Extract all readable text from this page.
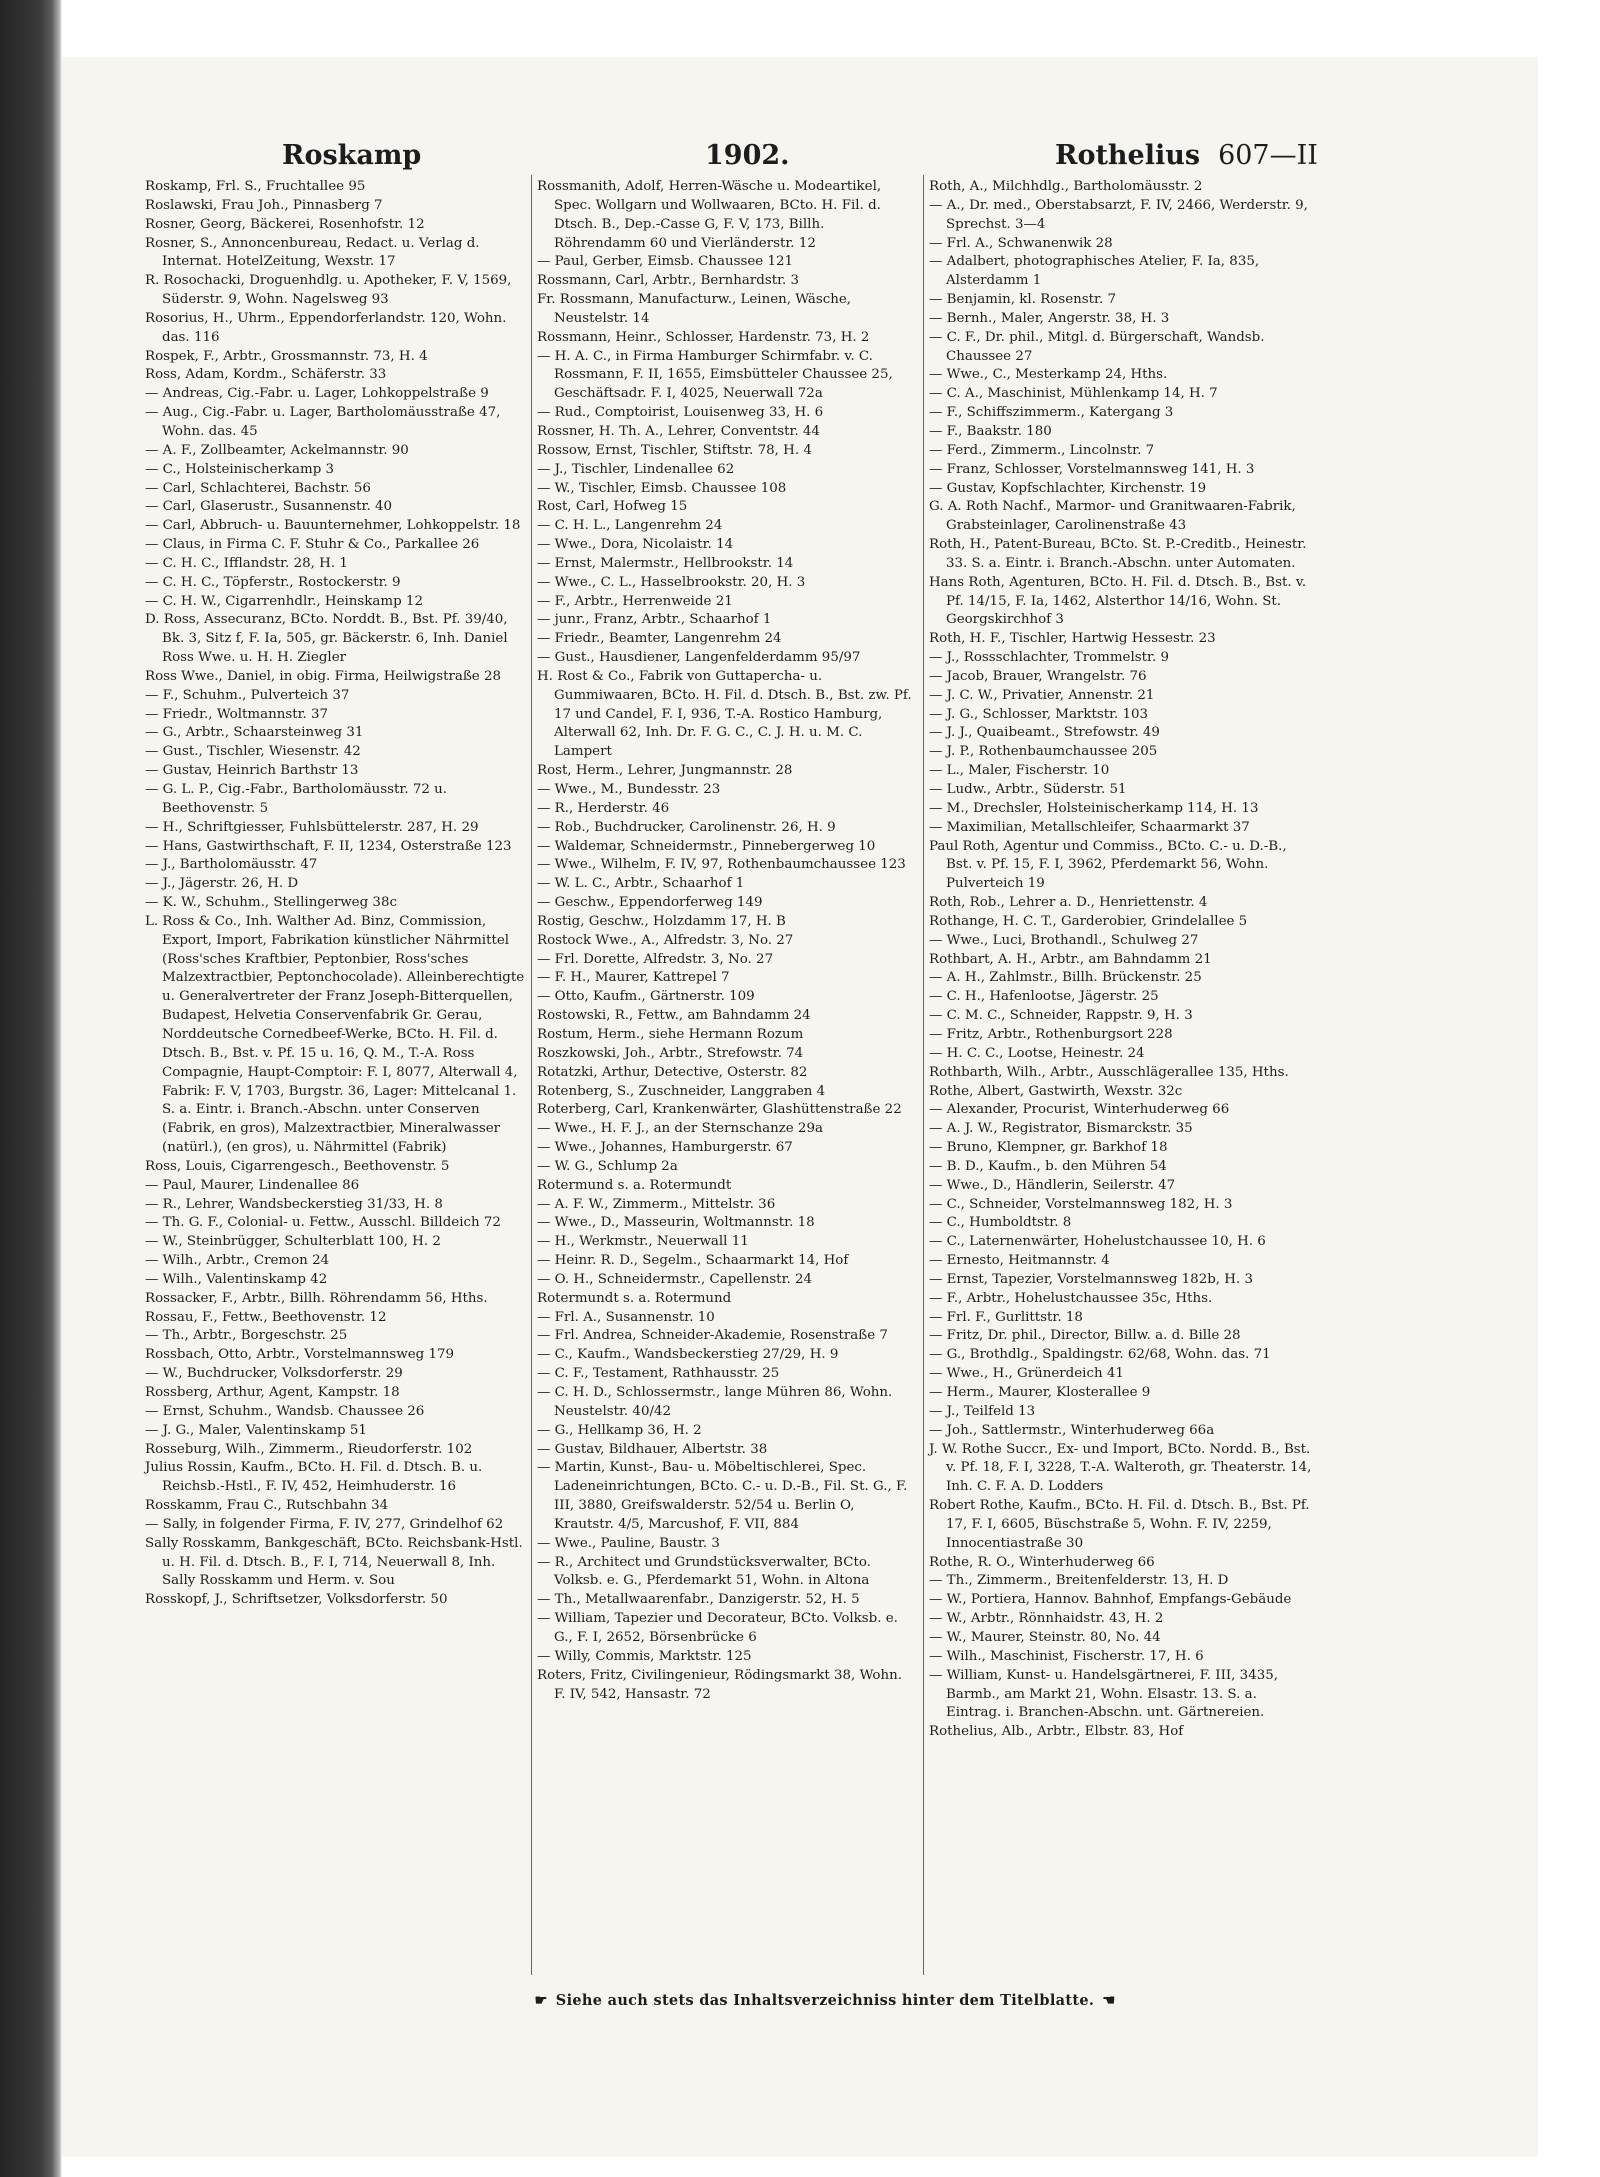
Roskamp	1902.	Rothelius 607—II

Roskamp, Frl. S., Fruchtallee 95

Roslawski, Frau Joh., Pinnasberg 7

Rosner, Georg, Bäckerei, Rosenhofstr. 12

Rosner, S., Annoncenbureau, Redact. u. Verlag d. Internat. HotelZeitung, Wexstr. 17

R. Rosochacki, Droguenhdlg. u. Apotheker, F. V, 1569, Süderstr. 9, Wohn. Nagelsweg 93

Rosorius, H., Uhrm., Eppendorferlandstr. 120, Wohn. das. 116

Rospek, F., Arbtr., Grossmannstr. 73, H. 4

Ross, Adam, Kordm., Schäferstr. 33

— Andreas, Cig.-Fabr. u. Lager, Lohkoppelstraße 9

— Aug., Cig.-Fabr. u. Lager, Bartholomäusstraße 47, Wohn. das. 45

— A. F., Zollbeamter, Ackelmannstr. 90

— C., Holsteinischerkamp 3

— Carl, Schlachterei, Bachstr. 56

— Carl, Glaserustr., Susannenstr. 40

— Carl, Abbruch- u. Bauunternehmer, Lohkoppelstr. 18

— Claus, in Firma C. F. Stuhr & Co., Parkallee 26

— C. H. C., Ifflandstr. 28, H. 1

— C. H. C., Töpferstr., Rostockerstr. 9

— C. H. W., Cigarrenhdlr., Heinskamp 12

D. Ross, Assecuranz, BCto. Norddt. B., Bst. Pf. 39/40, Bk. 3, Sitz f, F. Ia, 505, gr. Bäckerstr. 6, Inh. Daniel Ross Wwe. u. H. H. Ziegler

Ross Wwe., Daniel, in obig. Firma, Heilwigstraße 28

— F., Schuhm., Pulverteich 37

— Friedr., Woltmannstr. 37

— G., Arbtr., Schaarsteinweg 31

— Gust., Tischler, Wiesenstr. 42

— Gustav, Heinrich Barthstr 13

— G. L. P., Cig.-Fabr., Bartholomäusstr. 72 u. Beethovenstr. 5

— H., Schriftgiesser, Fuhlsbüttelerstr. 287, H. 29

— Hans, Gastwirthschaft, F. II, 1234, Osterstraße 123

— J., Bartholomäusstr. 47

— J., Jägerstr. 26, H. D

— K. W., Schuhm., Stellingerweg 38c

L. Ross & Co., Inh. Walther Ad. Binz, Commission, Export, Import, Fabrikation künstlicher Nährmittel (Ross'sches Kraftbier, Peptonbier, Ross'sches Malzextractbier, Peptonchocolade). Alleinberechtigte u. Generalvertreter der Franz Joseph-Bitterquellen, Budapest, Helvetia Conservenfabrik Gr. Gerau, Norddeutsche Cornedbeef-Werke, BCto. H. Fil. d. Dtsch. B., Bst. v. Pf. 15 u. 16, Q. M., T.-A. Ross Compagnie, Haupt-Comptoir: F. I, 8077, Alterwall 4, Fabrik: F. V, 1703, Burgstr. 36, Lager: Mittelcanal 1. S. a. Eintr. i. Branch.-Abschn. unter Conserven (Fabrik, en gros), Malzextractbier, Mineralwasser (natürl.), (en gros), u. Nährmittel (Fabrik)

Ross, Louis, Cigarrengesch., Beethovenstr. 5

— Paul, Maurer, Lindenallee 86

— R., Lehrer, Wandsbeckerstieg 31/33, H. 8

— Th. G. F., Colonial- u. Fettw., Ausschl. Billdeich 72

— W., Steinbrügger, Schulterblatt 100, H. 2

— Wilh., Arbtr., Cremon 24

— Wilh., Valentinskamp 42

Rossacker, F., Arbtr., Billh. Röhrendamm 56, Hths.

Rossau, F., Fettw., Beethovenstr. 12

— Th., Arbtr., Borgeschstr. 25

Rossbach, Otto, Arbtr., Vorstelmannsweg 179

— W., Buchdrucker, Volksdorferstr. 29

Rossberg, Arthur, Agent, Kampstr. 18

— Ernst, Schuhm., Wandsb. Chaussee 26

— J. G., Maler, Valentinskamp 51

Rosseburg, Wilh., Zimmerm., Rieudorferstr. 102

Julius Rossin, Kaufm., BCto. H. Fil. d. Dtsch. B. u. Reichsb.-Hstl., F. IV, 452, Heimhuderstr. 16

Rosskamm, Frau C., Rutschbahn 34

— Sally, in folgender Firma, F. IV, 277, Grindelhof 62

Sally Rosskamm, Bankgeschäft, BCto. Reichsbank-Hstl. u. H. Fil. d. Dtsch. B., F. I, 714, Neuerwall 8, Inh. Sally Rosskamm und Herm. v. Sou

Rosskopf, J., Schriftsetzer, Volksdorferstr. 50

Rossmanith, Adolf, Herren-Wäsche u. Modeartikel, Spec. Wollgarn und Wollwaaren, BCto. H. Fil. d. Dtsch. B., Dep.-Casse G, F. V, 173, Billh. Röhrendamm 60 und Vierländerstr. 12

— Paul, Gerber, Eimsb. Chaussee 121

Rossmann, Carl, Arbtr., Bernhardstr. 3

Fr. Rossmann, Manufacturw., Leinen, Wäsche, Neustelstr. 14

Rossmann, Heinr., Schlosser, Hardenstr. 73, H. 2

— H. A. C., in Firma Hamburger Schirmfabr. v. C. Rossmann, F. II, 1655, Eimsbütteler Chaussee 25, Geschäftsadr. F. I, 4025, Neuerwall 72a

— Rud., Comptoirist, Louisenweg 33, H. 6

Rossner, H. Th. A., Lehrer, Conventstr. 44

Rossow, Ernst, Tischler, Stiftstr. 78, H. 4

— J., Tischler, Lindenallee 62

— W., Tischler, Eimsb. Chaussee 108

Rost, Carl, Hofweg 15

— C. H. L., Langenrehm 24

— Wwe., Dora, Nicolaistr. 14

— Ernst, Malermstr., Hellbrookstr. 14

— Wwe., C. L., Hasselbrookstr. 20, H. 3

— F., Arbtr., Herrenweide 21

— junr., Franz, Arbtr., Schaarhof 1

— Friedr., Beamter, Langenrehm 24

— Gust., Hausdiener, Langenfelderdamm 95/97

H. Rost & Co., Fabrik von Guttapercha- u. Gummiwaaren, BCto. H. Fil. d. Dtsch. B., Bst. zw. Pf. 17 und Candel, F. I, 936, T.-A. Rostico Hamburg, Alterwall 62, Inh. Dr. F. G. C., C. J. H. u. M. C. Lampert

Rost, Herm., Lehrer, Jungmannstr. 28

— Wwe., M., Bundesstr. 23

— R., Herderstr. 46

— Rob., Buchdrucker, Carolinenstr. 26, H. 9

— Waldemar, Schneidermstr., Pinnebergerweg 10

— Wwe., Wilhelm, F. IV, 97, Rothenbaumchaussee 123

— W. L. C., Arbtr., Schaarhof 1

— Geschw., Eppendorferweg 149

Rostig, Geschw., Holzdamm 17, H. B

Rostock Wwe., A., Alfredstr. 3, No. 27

— Frl. Dorette, Alfredstr. 3, No. 27

— F. H., Maurer, Kattrepel 7

— Otto, Kaufm., Gärtnerstr. 109

Rostowski, R., Fettw., am Bahndamm 24

Rostum, Herm., siehe Hermann Rozum

Roszkowski, Joh., Arbtr., Strefowstr. 74

Rotatzki, Arthur, Detective, Osterstr. 82

Rotenberg, S., Zuschneider, Langgraben 4

Roterberg, Carl, Krankenwärter, Glashüttenstraße 22

— Wwe., H. F. J., an der Sternschanze 29a

— Wwe., Johannes, Hamburgerstr. 67

— W. G., Schlump 2a

Rotermund s. a. Rotermundt

— A. F. W., Zimmerm., Mittelstr. 36

— Wwe., D., Masseurin, Woltmannstr. 18

— H., Werkmstr., Neuerwall 11

— Heinr. R. D., Segelm., Schaarmarkt 14, Hof

— O. H., Schneidermstr., Capellenstr. 24

Rotermundt s. a. Rotermund

— Frl. A., Susannenstr. 10

— Frl. Andrea, Schneider-Akademie, Rosenstraße 7

— C., Kaufm., Wandsbeckerstieg 27/29, H. 9

— C. F., Testament, Rathhausstr. 25

— C. H. D., Schlossermstr., lange Mühren 86, Wohn. Neustelstr. 40/42

— G., Hellkamp 36, H. 2

— Gustav, Bildhauer, Albertstr. 38

— Martin, Kunst-, Bau- u. Möbeltischlerei, Spec. Ladeneinrichtungen, BCto. C.- u. D.-B., Fil. St. G., F. III, 3880, Greifswalderstr. 52/54 u. Berlin O, Krautstr. 4/5, Marcushof, F. VII, 884

— Wwe., Pauline, Baustr. 3

— R., Architect und Grundstücksverwalter, BCto. Volksb. e. G., Pferdemarkt 51, Wohn. in Altona

— Th., Metallwaarenfabr., Danzigerstr. 52, H. 5

— William, Tapezier und Decorateur, BCto. Volksb. e. G., F. I, 2652, Börsenbrücke 6

— Willy, Commis, Marktstr. 125

Roters, Fritz, Civilingenieur, Rödingsmarkt 38, Wohn. F. IV, 542, Hansastr. 72

Roth, A., Milchhdlg., Bartholomäusstr. 2

— A., Dr. med., Oberstabsarzt, F. IV, 2466, Werderstr. 9, Sprechst. 3—4

— Frl. A., Schwanenwik 28

— Adalbert, photographisches Atelier, F. Ia, 835, Alsterdamm 1

— Benjamin, kl. Rosenstr. 7

— Bernh., Maler, Angerstr. 38, H. 3

— C. F., Dr. phil., Mitgl. d. Bürgerschaft, Wandsb. Chaussee 27

— Wwe., C., Mesterkamp 24, Hths.

— C. A., Maschinist, Mühlenkamp 14, H. 7

— F., Schiffszimmerm., Katergang 3

— F., Baakstr. 180

— Ferd., Zimmerm., Lincolnstr. 7

— Franz, Schlosser, Vorstelmannsweg 141, H. 3

— Gustav, Kopfschlachter, Kirchenstr. 19

G. A. Roth Nachf., Marmor- und Granitwaaren-Fabrik, Grabsteinlager, Carolinenstraße 43

Roth, H., Patent-Bureau, BCto. St. P.-Creditb., Heinestr. 33. S. a. Eintr. i. Branch.-Abschn. unter Automaten.

Hans Roth, Agenturen, BCto. H. Fil. d. Dtsch. B., Bst. v. Pf. 14/15, F. Ia, 1462, Alsterthor 14/16, Wohn. St. Georgskirchhof 3

Roth, H. F., Tischler, Hartwig Hessestr. 23

— J., Rossschlachter, Trommelstr. 9

— Jacob, Brauer, Wrangelstr. 76

— J. C. W., Privatier, Annenstr. 21

— J. G., Schlosser, Marktstr. 103

— J. J., Quaibeamt., Strefowstr. 49

— J. P., Rothenbaumchaussee 205

— L., Maler, Fischerstr. 10

— Ludw., Arbtr., Süderstr. 51

— M., Drechsler, Holsteinischerkamp 114, H. 13

— Maximilian, Metallschleifer, Schaarmarkt 37

Paul Roth, Agentur und Commiss., BCto. C.- u. D.-B., Bst. v. Pf. 15, F. I, 3962, Pferdemarkt 56, Wohn. Pulverteich 19

Roth, Rob., Lehrer a. D., Henriettenstr. 4

Rothange, H. C. T., Garderobier, Grindelallee 5

— Wwe., Luci, Brothandl., Schulweg 27

Rothbart, A. H., Arbtr., am Bahndamm 21

— A. H., Zahlmstr., Billh. Brückenstr. 25

— C. H., Hafenlootse, Jägerstr. 25

— C. M. C., Schneider, Rappstr. 9, H. 3

— Fritz, Arbtr., Rothenburgsort 228

— H. C. C., Lootse, Heinestr. 24

Rothbarth, Wilh., Arbtr., Ausschlägerallee 135, Hths.

Rothe, Albert, Gastwirth, Wexstr. 32c

— Alexander, Procurist, Winterhuderweg 66

— A. J. W., Registrator, Bismarckstr. 35

— Bruno, Klempner, gr. Barkhof 18

— B. D., Kaufm., b. den Mühren 54

— Wwe., D., Händlerin, Seilerstr. 47

— C., Schneider, Vorstelmannsweg 182, H. 3

— C., Humboldtstr. 8

— C., Laternenwärter, Hohelustchaussee 10, H. 6

— Ernesto, Heitmannstr. 4

— Ernst, Tapezier, Vorstelmannsweg 182b, H. 3

— F., Arbtr., Hohelustchaussee 35c, Hths.

— Frl. F., Gurlittstr. 18

— Fritz, Dr. phil., Director, Billw. a. d. Bille 28

— G., Brothdlg., Spaldingstr. 62/68, Wohn. das. 71

— Wwe., H., Grünerdeich 41

— Herm., Maurer, Klosterallee 9

— J., Teilfeld 13

— Joh., Sattlermstr., Winterhuderweg 66a

J. W. Rothe Succr., Ex- und Import, BCto. Nordd. B., Bst. v. Pf. 18, F. I, 3228, T.-A. Walteroth, gr. Theaterstr. 14, Inh. C. F. A. D. Lodders

Robert Rothe, Kaufm., BCto. H. Fil. d. Dtsch. B., Bst. Pf. 17, F. I, 6605, Büschstraße 5, Wohn. F. IV, 2259, Innocentiastraße 30

Rothe, R. O., Winterhuderweg 66

— Th., Zimmerm., Breitenfelderstr. 13, H. D

— W., Portiera, Hannov. Bahnhof, Empfangs-Gebäude

— W., Arbtr., Rönnhaidstr. 43, H. 2

— W., Maurer, Steinstr. 80, No. 44

— Wilh., Maschinist, Fischerstr. 17, H. 6

— William, Kunst- u. Handelsgärtnerei, F. III, 3435, Barmb., am Markt 21, Wohn. Elsastr. 13. S. a. Eintrag. i. Branchen-Abschn. unt. Gärtnereien.

Rothelius, Alb., Arbtr., Elbstr. 83, Hof

☛ Siehe auch stets das Inhaltsverzeichniss hinter dem Titelblatte. ☚
